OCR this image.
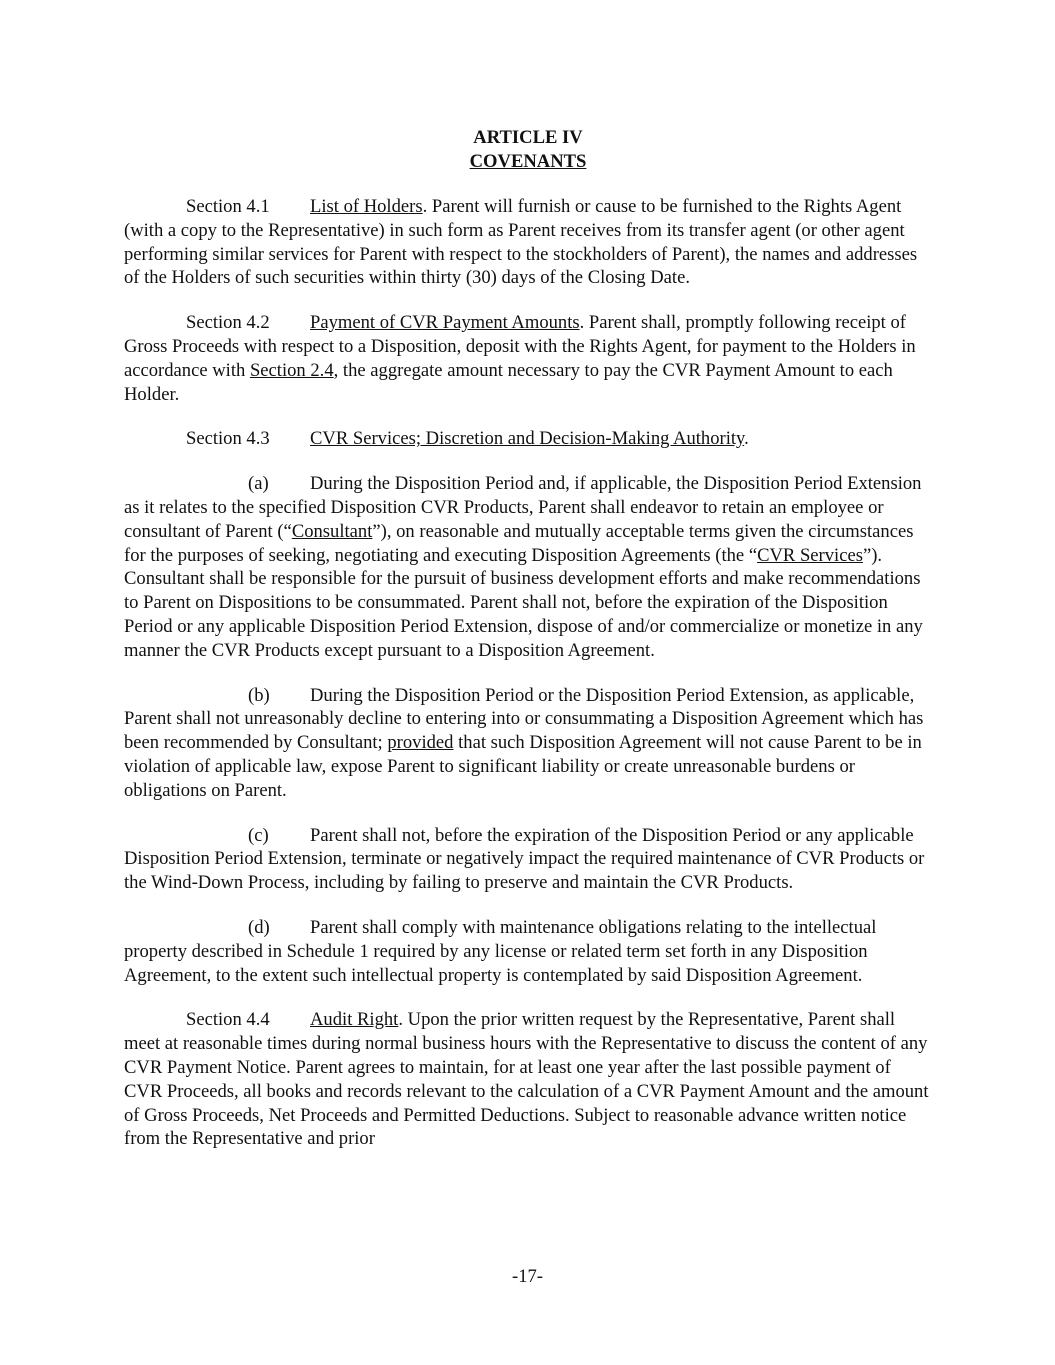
ARTICLE IV
COVENANTS

Section 4.1 List of Holders. Parent will furnish or cause to be furnished to the Rights Agent (with a copy to the Representative) in such form as Parent receives from its transfer agent (or other agent performing similar services for Parent with respect to the stockholders of Parent), the names and addresses of the Holders of such securities within thirty (30) days of the Closing Date.

Section 4.2 Payment of CVR Payment Amounts. Parent shall, promptly following receipt of Gross Proceeds with respect to a Disposition, deposit with the Rights Agent, for payment to the Holders in accordance with Section 2.4, the aggregate amount necessary to pay the CVR Payment Amount to each Holder.

Section 4.3 CVR Services; Discretion and Decision-Making Authority.

(a) During the Disposition Period and, if applicable, the Disposition Period Extension as it relates to the specified Disposition CVR Products, Parent shall endeavor to retain an employee or consultant of Parent (“Consultant”), on reasonable and mutually acceptable terms given the circumstances for the purposes of seeking, negotiating and executing Disposition Agreements (the “CVR Services”). Consultant shall be responsible for the pursuit of business development efforts and make recommendations to Parent on Dispositions to be consummated. Parent shall not, before the expiration of the Disposition Period or any applicable Disposition Period Extension, dispose of and/or commercialize or monetize in any manner the CVR Products except pursuant to a Disposition Agreement.

(b) During the Disposition Period or the Disposition Period Extension, as applicable, Parent shall not unreasonably decline to entering into or consummating a Disposition Agreement which has been recommended by Consultant; provided that such Disposition Agreement will not cause Parent to be in violation of applicable law, expose Parent to significant liability or create unreasonable burdens or obligations on Parent.

(c) Parent shall not, before the expiration of the Disposition Period or any applicable Disposition Period Extension, terminate or negatively impact the required maintenance of CVR Products or the Wind-Down Process, including by failing to preserve and maintain the CVR Products.

(d) Parent shall comply with maintenance obligations relating to the intellectual property described in Schedule 1 required by any license or related term set forth in any Disposition Agreement, to the extent such intellectual property is contemplated by said Disposition Agreement.

Section 4.4 Audit Right. Upon the prior written request by the Representative, Parent shall meet at reasonable times during normal business hours with the Representative to discuss the content of any CVR Payment Notice. Parent agrees to maintain, for at least one year after the last possible payment of CVR Proceeds, all books and records relevant to the calculation of a CVR Payment Amount and the amount of Gross Proceeds, Net Proceeds and Permitted Deductions. Subject to reasonable advance written notice from the Representative and prior

-17-
